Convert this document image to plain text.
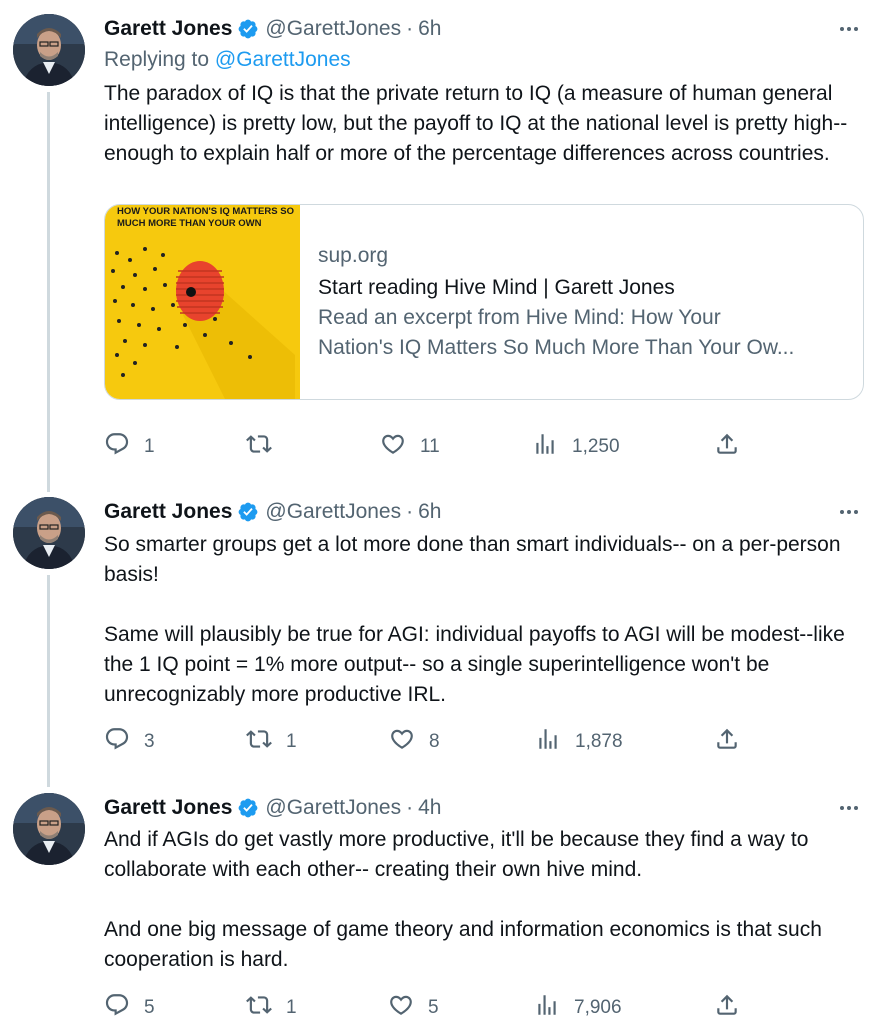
Garett Jones @GarettJones · 6h
Replying to @GarettJones
The paradox of IQ is that the private return to IQ (a measure of human general intelligence) is pretty low, but the payoff to IQ at the national level is pretty high-- enough to explain half or more of the percentage differences across countries.
HOW YOUR NATION'S IQ MATTERS SO MUCH MORE THAN YOUR OWN
sup.org
Start reading Hive Mind | Garett Jones
Read an excerpt from Hive Mind: How Your
Nation's IQ Matters So Much More Than Your Ow...
1	11	1,250
Garett Jones @GarettJones · 6h
So smarter groups get a lot more done than smart individuals-- on a per-person basis!

Same will plausibly be true for AGI: individual payoffs to AGI will be modest--like the 1 IQ point = 1% more output-- so a single superintelligence won't be unrecognizably more productive IRL.
3	1	8	1,878
Garett Jones @GarettJones · 4h
And if AGIs do get vastly more productive, it'll be because they find a way to collaborate with each other-- creating their own hive mind.

And one big message of game theory and information economics is that such cooperation is hard.
5	1	5	7,906
